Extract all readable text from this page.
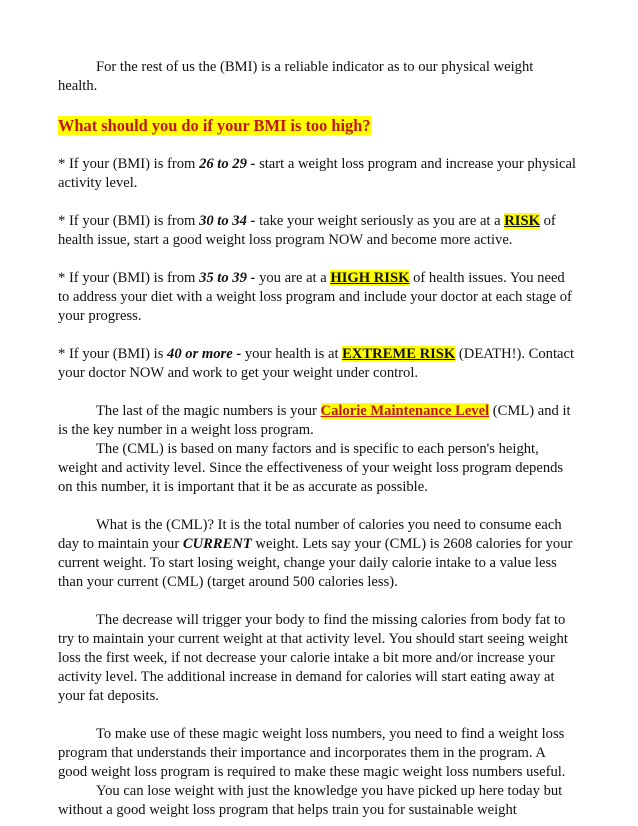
For the rest of us the (BMI) is a reliable indicator as to our physical weight health.

What should you do if your BMI is too high?

* If your (BMI) is from 26 to 29 - start a weight loss program and increase your physical activity level.

* If your (BMI) is from 30 to 34 - take your weight seriously as you are at a RISK of health issue, start a good weight loss program NOW and become more active.

* If your (BMI) is from 35 to 39 - you are at a HIGH RISK of health issues. You need to address your diet with a weight loss program and include your doctor at each stage of your progress.

* If your (BMI) is 40 or more - your health is at EXTREME RISK (DEATH!). Contact your doctor NOW and work to get your weight under control.

The last of the magic numbers is your Calorie Maintenance Level (CML) and it is the key number in a weight loss program.

The (CML) is based on many factors and is specific to each person's height, weight and activity level. Since the effectiveness of your weight loss program depends on this number, it is important that it be as accurate as possible.

What is the (CML)? It is the total number of calories you need to consume each day to maintain your CURRENT weight. Lets say your (CML) is 2608 calories for your current weight. To start losing weight, change your daily calorie intake to a value less than your current (CML) (target around 500 calories less).

The decrease will trigger your body to find the missing calories from body fat to try to maintain your current weight at that activity level. You should start seeing weight loss the first week, if not decrease your calorie intake a bit more and/or increase your activity level. The additional increase in demand for calories will start eating away at your fat deposits.

To make use of these magic weight loss numbers, you need to find a weight loss program that understands their importance and incorporates them in the program. A good weight loss program is required to make these magic weight loss numbers useful.

You can lose weight with just the knowledge you have picked up here today but without a good weight loss program that helps train you for sustainable weight
